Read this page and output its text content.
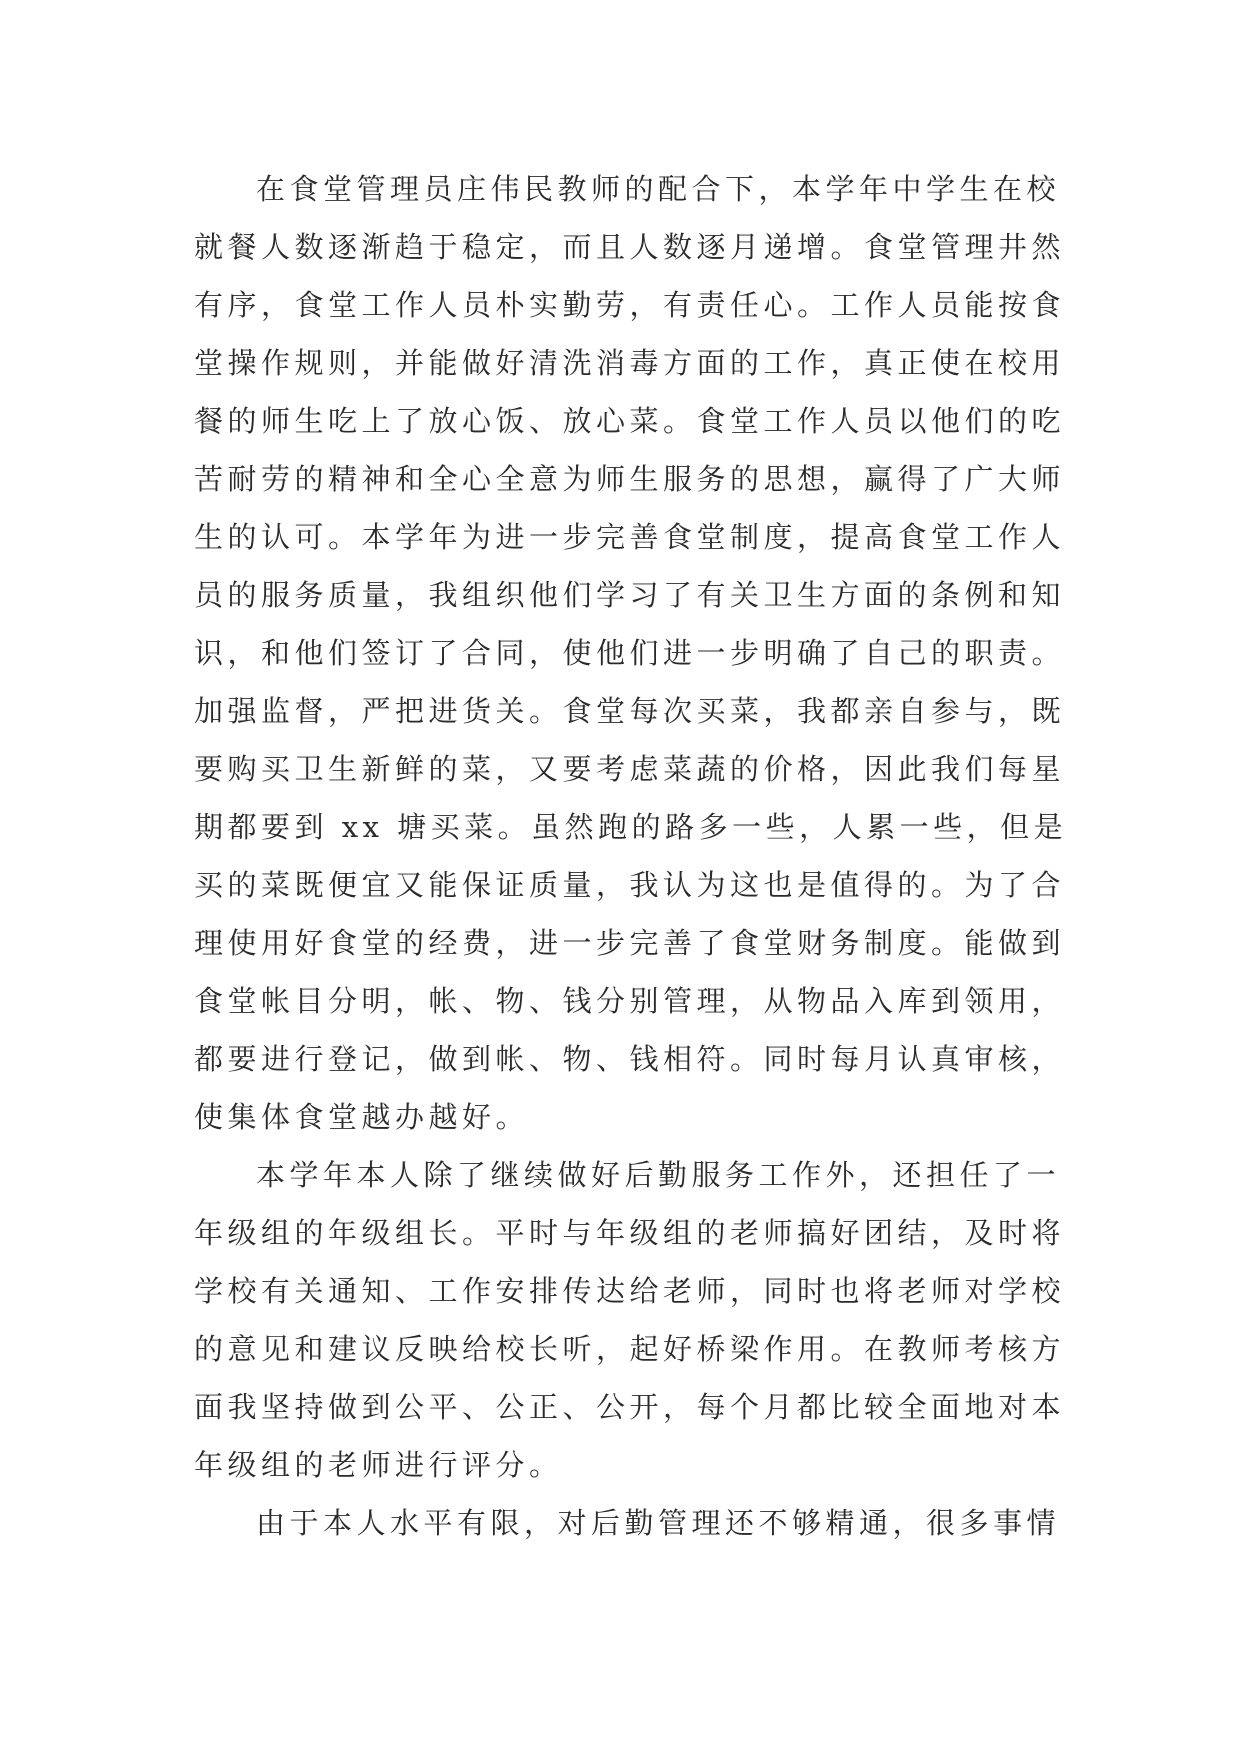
在食堂管理员庄伟民教师的配合下，本学年中学生在校
就餐人数逐渐趋于稳定，而且人数逐月递增。食堂管理井然
有序，食堂工作人员朴实勤劳，有责任心。工作人员能按食
堂操作规则，并能做好清洗消毒方面的工作，真正使在校用
餐的师生吃上了放心饭、放心菜。食堂工作人员以他们的吃
苦耐劳的精神和全心全意为师生服务的思想，赢得了广大师
生的认可。本学年为进一步完善食堂制度，提高食堂工作人
员的服务质量，我组织他们学习了有关卫生方面的条例和知
识，和他们签订了合同，使他们进一步明确了自己的职责。
加强监督，严把进货关。食堂每次买菜，我都亲自参与，既
要购买卫生新鲜的菜，又要考虑菜蔬的价格，因此我们每星
期都要到 xx 塘买菜。虽然跑的路多一些，人累一些，但是
买的菜既便宜又能保证质量，我认为这也是值得的。为了合
理使用好食堂的经费，进一步完善了食堂财务制度。能做到
食堂帐目分明，帐、物、钱分别管理，从物品入库到领用，
都要进行登记，做到帐、物、钱相符。同时每月认真审核，
使集体食堂越办越好。
本学年本人除了继续做好后勤服务工作外，还担任了一
年级组的年级组长。平时与年级组的老师搞好团结，及时将
学校有关通知、工作安排传达给老师，同时也将老师对学校
的意见和建议反映给校长听，起好桥梁作用。在教师考核方
面我坚持做到公平、公正、公开，每个月都比较全面地对本
年级组的老师进行评分。
由于本人水平有限，对后勤管理还不够精通，很多事情
